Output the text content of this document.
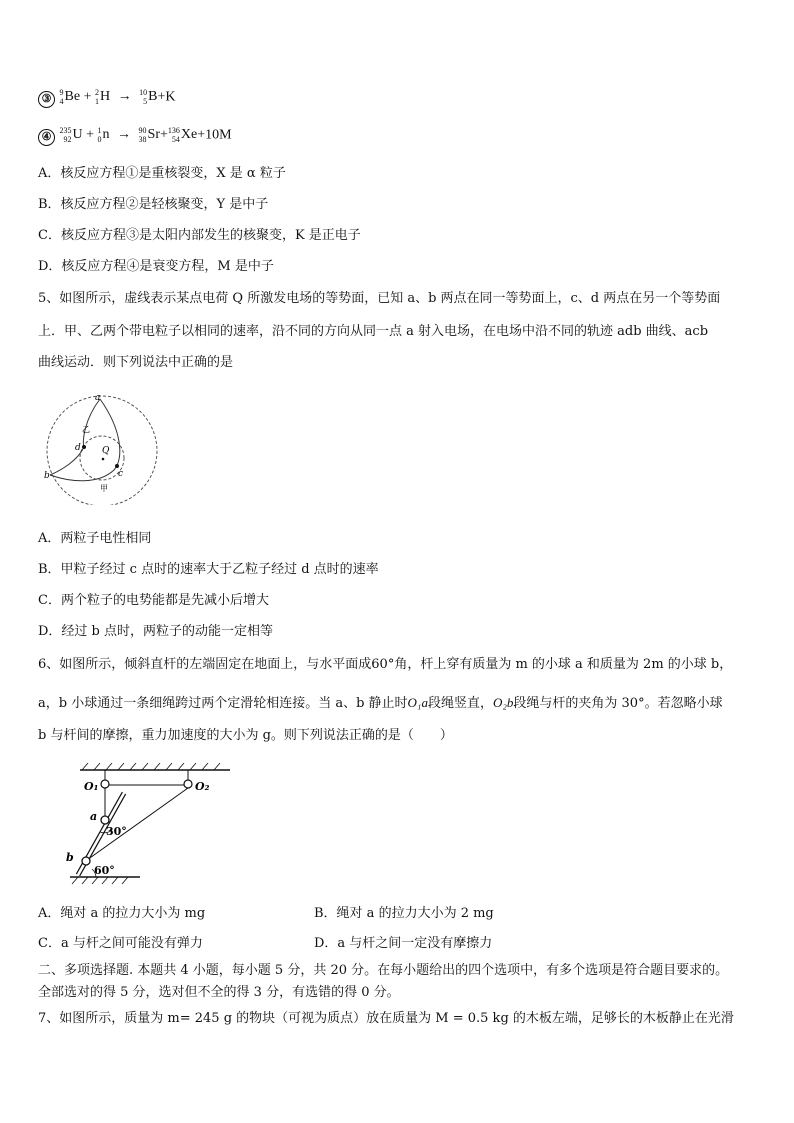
③
9
4 Be + 2
1 H → 10
5 B+K
④
235
92 U + 1
0 n → 90
38 Sr+ 136
54 Xe+10M
A．核反应方程①是重核裂变，X 是 α 粒子
B．核反应方程②是轻核聚变，Y 是中子
C．核反应方程③是太阳内部发生的核聚变，K 是正电子
D．核反应方程④是衰变方程，M 是中子
5、如图所示，虚线表示某点电荷 Q 所激发电场的等势面，已知 a、b 两点在同一等势面上，c、d 两点在另一个等势面
上．甲、乙两个带电粒子以相同的速率，沿不同的方向从同一点 a 射入电场，在电场中沿不同的轨迹 adb 曲线、acb
曲线运动．则下列说法中正确的是
a
b	c
d Q
甲
乙
A．两粒子电性相同
B．甲粒子经过 c 点时的速率大于乙粒子经过 d 点时的速率
C．两个粒子的电势能都是先减小后增大
D．经过 b 点时，两粒子的动能一定相等
6、如图所示，倾斜直杆的左端固定在地面上，与水平面成60°角，杆上穿有质量为 m 的小球 a 和质量为 2m 的小球 b，
a，b 小球通过一条细绳跨过两个定滑轮相连接。当 a、b 静止时O₁a段绳竖直，O₂b段绳与杆的夹角为 30°。若忽略小球
b 与杆间的摩擦，重力加速度的大小为 g。则下列说法正确的是（　　）
O₁	O₂
a
b
30°
60°
A．绳对 a 的拉力大小为 mg	B．绳对 a 的拉力大小为 2 mg
C．a 与杆之间可能没有弹力	D．a 与杆之间一定没有摩擦力
二、多项选择题. 本题共 4 小题，每小题 5 分，共 20 分。在每小题给出的四个选项中，有多个选项是符合题目要求的。
全部选对的得 5 分，选对但不全的得 3 分，有选错的得 0 分。
7、如图所示，质量为 m= 245 g 的物块（可视为质点）放在质量为 M = 0.5 kg 的木板左端，足够长的木板静止在光滑
